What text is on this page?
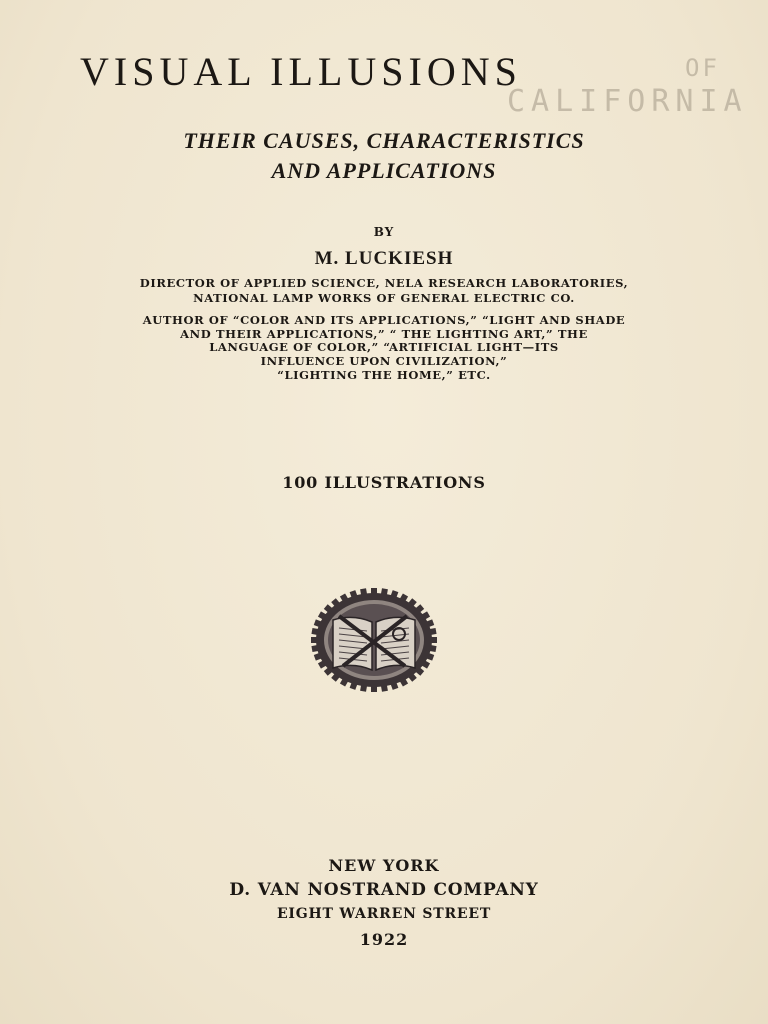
VISUAL ILLUSIONS	OF
CALIFORNIA
THEIR CAUSES, CHARACTERISTICS
AND APPLICATIONS
BY
M. LUCKIESH
DIRECTOR OF APPLIED SCIENCE, NELA RESEARCH LABORATORIES,
NATIONAL LAMP WORKS OF GENERAL ELECTRIC CO.
AUTHOR OF “COLOR AND ITS APPLICATIONS,” “LIGHT AND SHADE
AND THEIR APPLICATIONS,” “ THE LIGHTING ART,” THE
LANGUAGE OF COLOR,” “ARTIFICIAL LIGHT—ITS
INFLUENCE UPON CIVILIZATION,”
“LIGHTING THE HOME,” ETC.
100 ILLUSTRATIONS
NEW YORK
D. VAN NOSTRAND COMPANY
EIGHT WARREN STREET
1922
